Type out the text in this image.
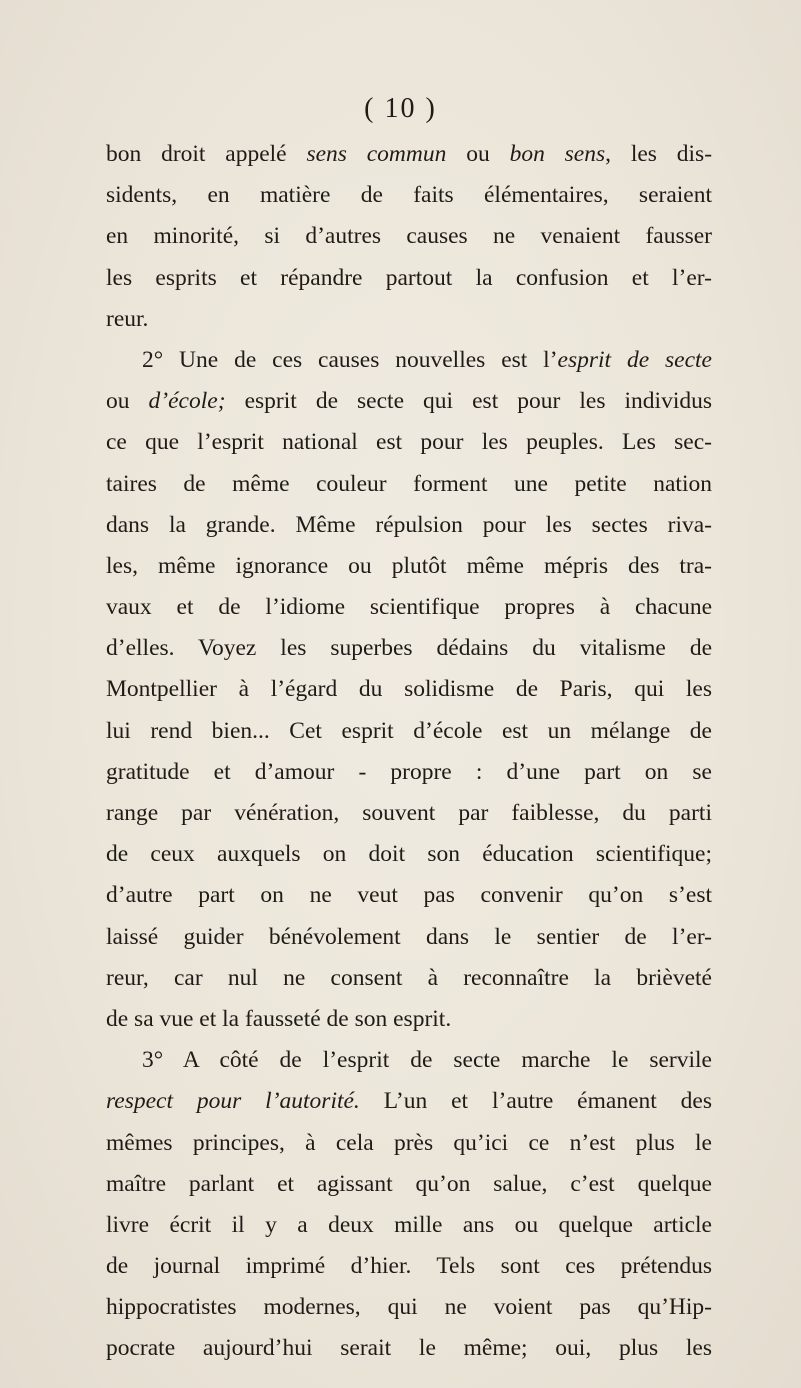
( 10 )
bon droit appelé sens commun ou bon sens, les dis-
sidents, en matière de faits élémentaires, seraient
en minorité, si d’autres causes ne venaient fausser
les esprits et répandre partout la confusion et l’er-
reur.
2° Une de ces causes nouvelles est l’esprit de secte
ou d’école; esprit de secte qui est pour les individus
ce que l’esprit national est pour les peuples. Les sec-
taires de même couleur forment une petite nation
dans la grande. Même répulsion pour les sectes riva-
les, même ignorance ou plutôt même mépris des tra-
vaux et de l’idiome scientifique propres à chacune
d’elles. Voyez les superbes dédains du vitalisme de
Montpellier à l’égard du solidisme de Paris, qui les
lui rend bien... Cet esprit d’école est un mélange de
gratitude et d’amour - propre : d’une part on se
range par vénération, souvent par faiblesse, du parti
de ceux auxquels on doit son éducation scientifique;
d’autre part on ne veut pas convenir qu’on s’est
laissé guider bénévolement dans le sentier de l’er-
reur, car nul ne consent à reconnaître la brièveté
de sa vue et la fausseté de son esprit.
3° A côté de l’esprit de secte marche le servile
respect pour l’autorité. L’un et l’autre émanent des
mêmes principes, à cela près qu’ici ce n’est plus le
maître parlant et agissant qu’on salue, c’est quelque
livre écrit il y a deux mille ans ou quelque article
de journal imprimé d’hier. Tels sont ces prétendus
hippocratistes modernes, qui ne voient pas qu’Hip-
pocrate aujourd’hui serait le même; oui, plus les
